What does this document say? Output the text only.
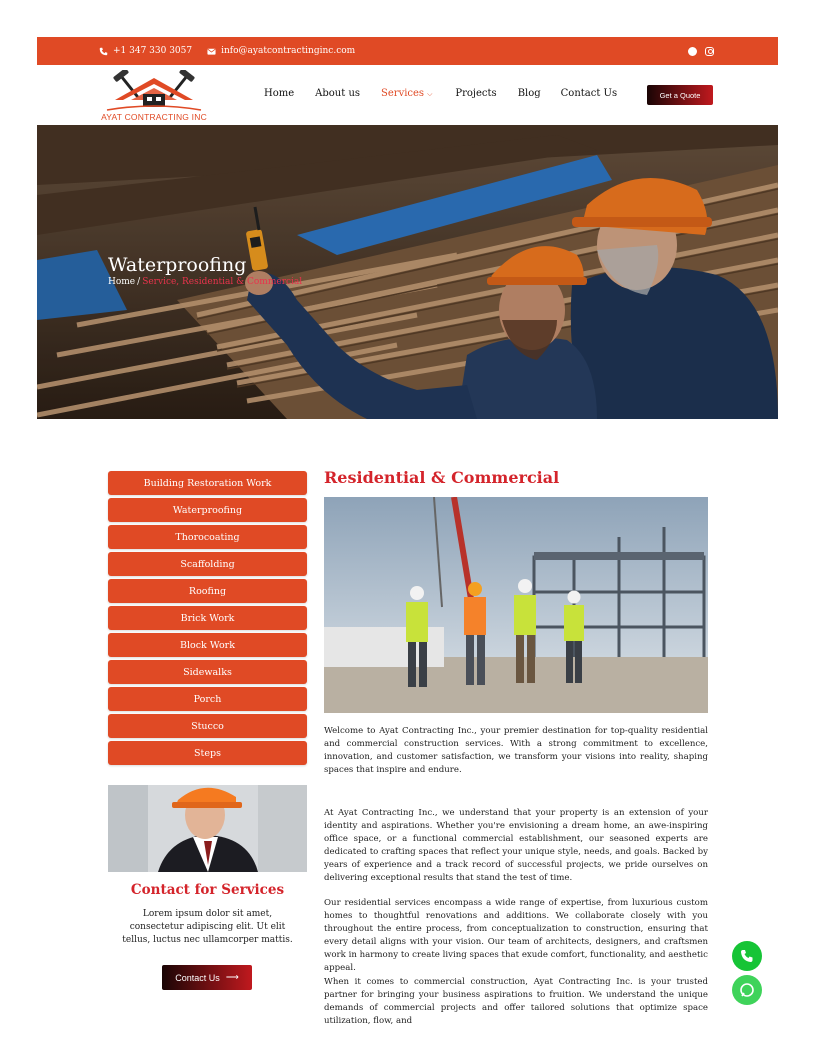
+1 347 330 3057	info@ayatcontractinginc.com
AYAT CONTRACTING INC
Home About us Services ⌵ Projects Blog Contact Us	Get a Quote
Waterproofing
Home / Service, Residential & Commercial
Building Restoration Work
Waterproofing
Thorocoating
Scaffolding
Roofing
Brick Work
Block Work
Sidewalks
Porch
Stucco
Steps
Contact for Services
Lorem ipsum dolor sit amet, consectetur adipiscing elit. Ut elit tellus, luctus nec ullamcorper mattis.
Contact Us ⟶
Residential & Commercial

Welcome to Ayat Contracting Inc., your premier destination for top-quality residential and commercial construction services. With a strong commitment to excellence, innovation, and customer satisfaction, we transform your visions into reality, shaping spaces that inspire and endure.

At Ayat Contracting Inc., we understand that your property is an extension of your identity and aspirations. Whether you're envisioning a dream home, an awe-inspiring office space, or a functional commercial establishment, our seasoned experts are dedicated to crafting spaces that reflect your unique style, needs, and goals. Backed by years of experience and a track record of successful projects, we pride ourselves on delivering exceptional results that stand the test of time.

Our residential services encompass a wide range of expertise, from luxurious custom homes to thoughtful renovations and additions. We collaborate closely with you throughout the entire process, from conceptualization to construction, ensuring that every detail aligns with your vision. Our team of architects, designers, and craftsmen work in harmony to create living spaces that exude comfort, functionality, and aesthetic appeal.

When it comes to commercial construction, Ayat Contracting Inc. is your trusted partner for bringing your business aspirations to fruition. We understand the unique demands of commercial projects and offer tailored solutions that optimize space utilization, flow, and
